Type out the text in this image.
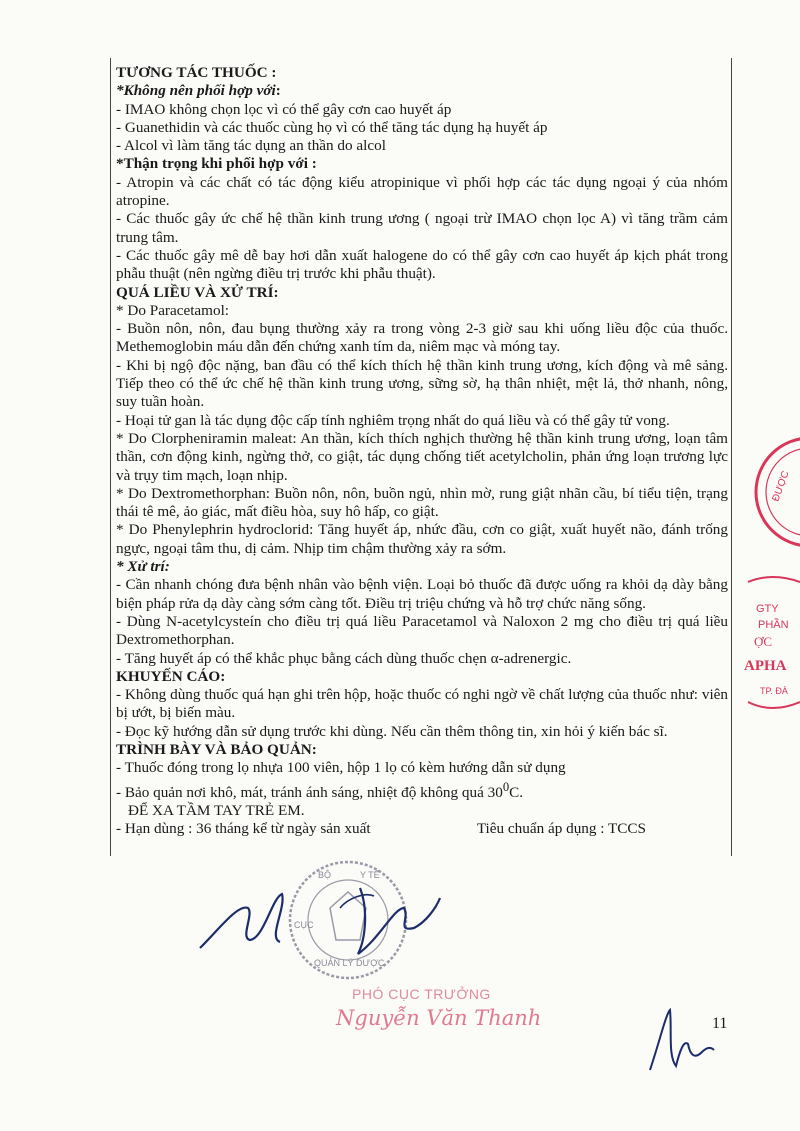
TƯƠNG TÁC THUỐC :

*Không nên phối hợp với:

- IMAO không chọn lọc vì có thể gây cơn cao huyết áp

- Guanethidin và các thuốc cùng họ vì có thể tăng tác dụng hạ huyết áp

- Alcol vì làm tăng tác dụng an thần do alcol

*Thận trọng khi phối hợp với :

- Atropin và các chất có tác động kiểu atropinique vì phối hợp các tác dụng ngoại ý của nhóm atropine.

- Các thuốc gây ức chế hệ thần kinh trung ương ( ngoại trừ IMAO chọn lọc A) vì tăng trầm cảm trung tâm.

- Các thuốc gây mê dễ bay hơi dẫn xuất halogene do có thể gây cơn cao huyết áp kịch phát trong phẫu thuật (nên ngừng điều trị trước khi phẫu thuật).

QUÁ LIỀU VÀ XỬ TRÍ:

* Do Paracetamol:

- Buồn nôn, nôn, đau bụng thường xảy ra trong vòng 2-3 giờ sau khi uống liều độc của thuốc. Methemoglobin máu dẫn đến chứng xanh tím da, niêm mạc và móng tay.

- Khi bị ngộ độc nặng, ban đầu có thể kích thích hệ thần kinh trung ương, kích động và mê sảng. Tiếp theo có thể ức chế hệ thần kinh trung ương, sững sờ, hạ thân nhiệt, mệt lả, thở nhanh, nông, suy tuần hoàn.

- Hoại tử gan là tác dụng độc cấp tính nghiêm trọng nhất do quá liều và có thể gây tử vong.

* Do Clorpheniramin maleat: An thần, kích thích nghịch thường hệ thần kinh trung ương, loạn tâm thần, cơn động kinh, ngừng thở, co giật, tác dụng chống tiết acetylcholin, phản ứng loạn trương lực và trụy tim mạch, loạn nhịp.

* Do Dextromethorphan: Buồn nôn, nôn, buồn ngủ, nhìn mờ, rung giật nhãn cầu, bí tiểu tiện, trạng thái tê mê, ảo giác, mất điều hòa, suy hô hấp, co giật.

* Do Phenylephrin hydroclorid: Tăng huyết áp, nhức đầu, cơn co giật, xuất huyết não, đánh trống ngực, ngoại tâm thu, dị cảm. Nhịp tim chậm thường xảy ra sớm.

* Xử trí:

- Cần nhanh chóng đưa bệnh nhân vào bệnh viện. Loại bỏ thuốc đã được uống ra khỏi dạ dày bằng biện pháp rửa dạ dày càng sớm càng tốt. Điều trị triệu chứng và hỗ trợ chức năng sống.

- Dùng N-acetylcysteín cho điều trị quá liều Paracetamol và Naloxon 2 mg cho điều trị quá liều Dextromethorphan.

- Tăng huyết áp có thể khắc phục bằng cách dùng thuốc chẹn α-adrenergic.

KHUYẾN CÁO:

- Không dùng thuốc quá hạn ghi trên hộp, hoặc thuốc có nghi ngờ về chất lượng của thuốc như: viên bị ướt, bị biến màu.

- Đọc kỹ hướng dẫn sử dụng trước khi dùng. Nếu cần thêm thông tin, xin hỏi ý kiến bác sĩ.

TRÌNH BÀY VÀ BẢO QUẢN:

- Thuốc đóng trong lọ nhựa 100 viên, hộp 1 lọ có kèm hướng dẫn sử dụng

- Bảo quản nơi khô, mát, tránh ánh sáng, nhiệt độ không quá $30^0C$.

ĐỂ XA TẦM TAY TRẺ EM.

- Hạn dùng : 36 tháng kể từ ngày sản xuất	Tiêu chuẩn áp dụng : TCCS

ĐƯỢC
GTY
PHẦN
ỢC
APHA
TP. ĐÀ
BỘ	Y TẾ
CỤC
QUẢN LÝ DƯỢC
PHÓ CỤC TRƯỞNG
Nguyễn Văn Thanh	11
